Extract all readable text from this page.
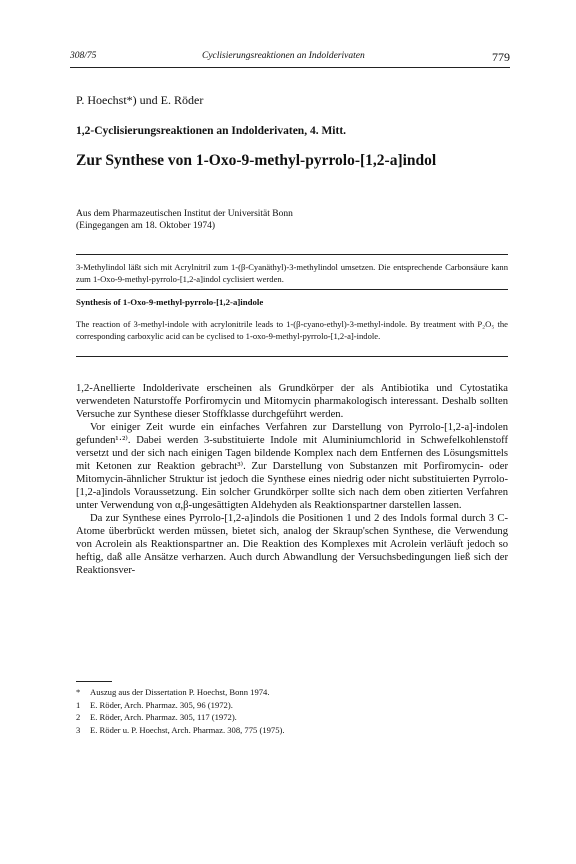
308/75	Cyclisierungsreaktionen an Indolderivaten	779
P. Hoechst*) und E. Röder
1,2-Cyclisierungsreaktionen an Indolderivaten, 4. Mitt.
Zur Synthese von 1-Oxo-9-methyl-pyrrolo-[1,2-a]indol
Aus dem Pharmazeutischen Institut der Universität Bonn
(Eingegangen am 18. Oktober 1974)
3-Methylindol läßt sich mit Acrylnitril zum 1-(β-Cyanäthyl)-3-methylindol umsetzen. Die entsprechende Carbonsäure kann zum 1-Oxo-9-methyl-pyrrolo-[1,2-a]indol cyclisiert werden.
Synthesis of 1-Oxo-9-methyl-pyrrolo-[1,2-a]indole
The reaction of 3-methyl-indole with acrylonitrile leads to 1-(β-cyano-ethyl)-3-methyl-indole. By treatment with P₂O₅ the corresponding carboxylic acid can be cyclised to 1-oxo-9-methyl-pyrrolo-[1,2-a]-indole.

1,2-Anellierte Indolderivate erscheinen als Grundkörper der als Antibiotika und Cytostatika verwendeten Naturstoffe Porfiromycin und Mitomycin pharmakologisch interessant. Deshalb sollten Versuche zur Synthese dieser Stoffklasse durchgeführt werden.

Vor einiger Zeit wurde ein einfaches Verfahren zur Darstellung von Pyrrolo-[1,2-a]-indolen gefunden¹·²⁾. Dabei werden 3-substituierte Indole mit Aluminiumchlorid in Schwefelkohlenstoff versetzt und der sich nach einigen Tagen bildende Komplex nach dem Entfernen des Lösungsmittels mit Ketonen zur Reaktion gebracht³⁾. Zur Darstellung von Substanzen mit Porfiromycin- oder Mitomycin-ähnlicher Struktur ist jedoch die Synthese eines niedrig oder nicht substituierten Pyrrolo-[1,2-a]indols Voraussetzung. Ein solcher Grundkörper sollte sich nach dem oben zitierten Verfahren unter Verwendung von α,β-ungesättigten Aldehyden als Reaktionspartner darstellen lassen.

Da zur Synthese eines Pyrrolo-[1,2-a]indols die Positionen 1 und 2 des Indols formal durch 3 C-Atome überbrückt werden müssen, bietet sich, analog der Skraup'schen Synthese, die Verwendung von Acrolein als Reaktionspartner an. Die Reaktion des Komplexes mit Acrolein verläuft jedoch so heftig, daß alle Ansätze verharzen. Auch durch Abwandlung der Versuchsbedingungen ließ sich der Reaktionsver-

*	Auszug aus der Dissertation P. Hoechst, Bonn 1974.
1	E. Röder, Arch. Pharmaz. 305, 96 (1972).
2	E. Röder, Arch. Pharmaz. 305, 117 (1972).
3	E. Röder u. P. Hoechst, Arch. Pharmaz. 308, 775 (1975).
